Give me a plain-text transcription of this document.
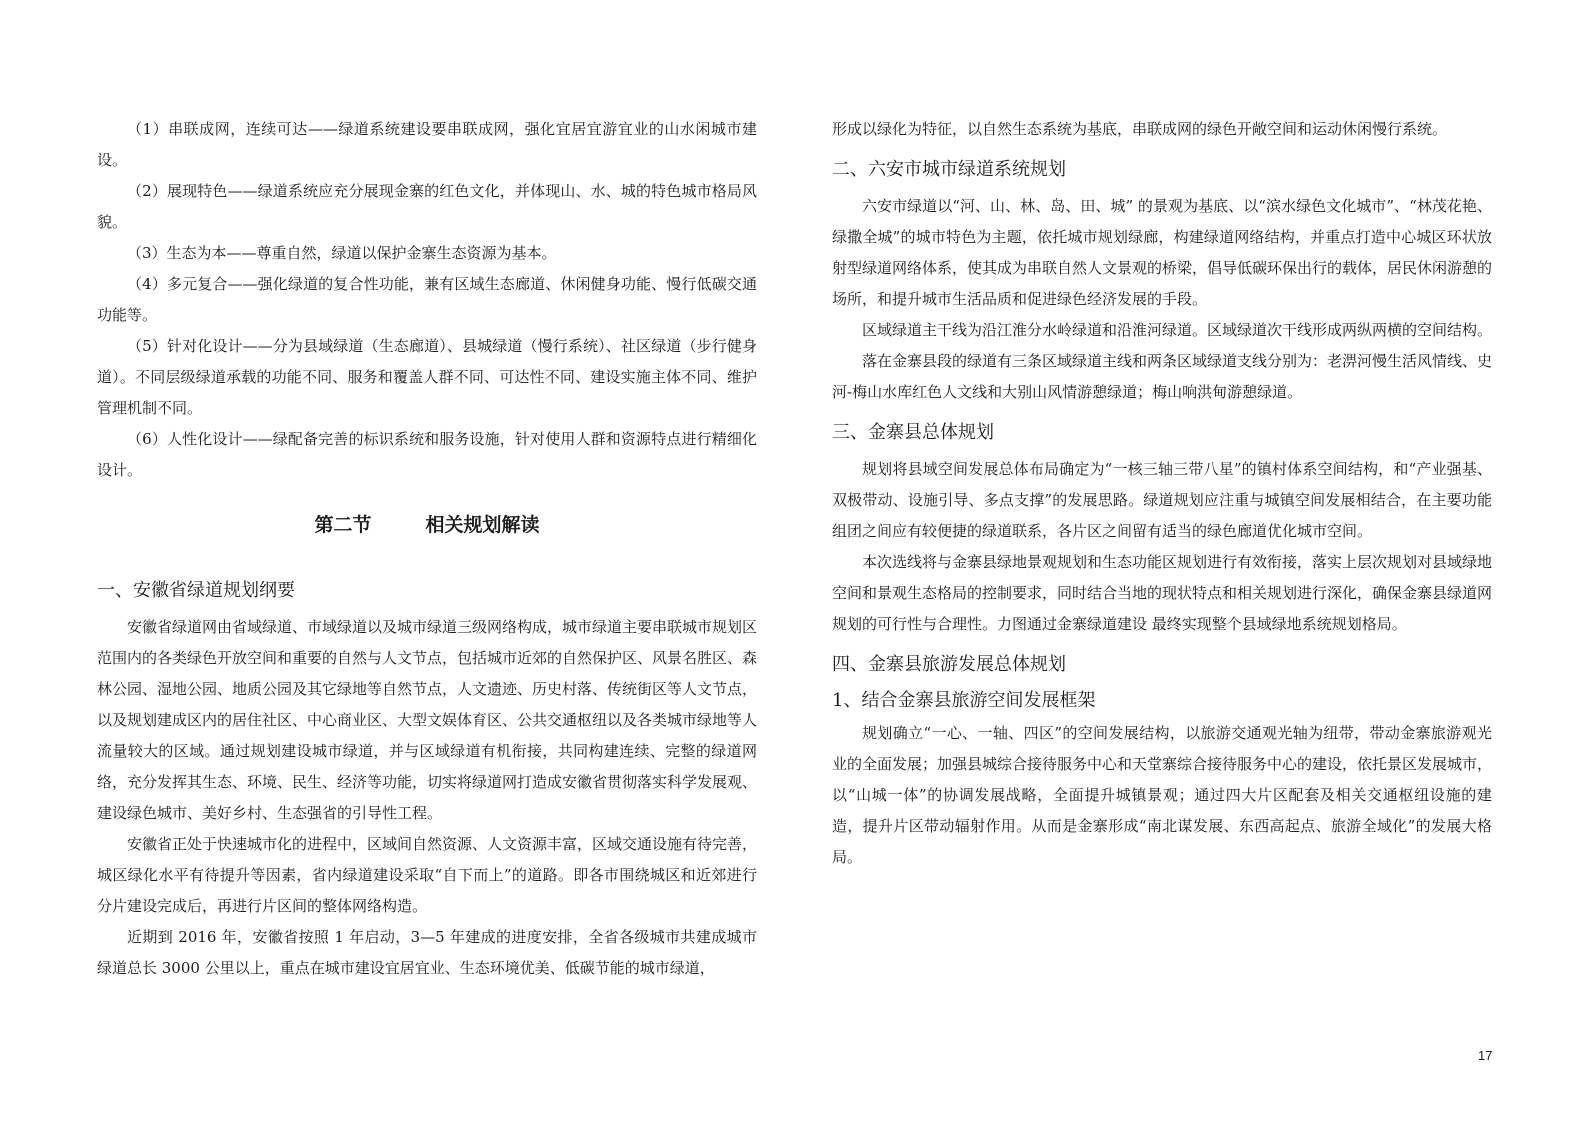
（1）串联成网，连续可达——绿道系统建设要串联成网，强化宜居宜游宜业的山水闲城市建设。

（2）展现特色——绿道系统应充分展现金寨的红色文化，并体现山、水、城的特色城市格局风貌。

（3）生态为本——尊重自然，绿道以保护金寨生态资源为基本。

（4）多元复合——强化绿道的复合性功能，兼有区域生态廊道、休闲健身功能、慢行低碳交通功能等。

（5）针对化设计——分为县域绿道（生态廊道）、县城绿道（慢行系统）、社区绿道（步行健身道）。不同层级绿道承载的功能不同、服务和覆盖人群不同、可达性不同、建设实施主体不同、维护管理机制不同。

（6）人性化设计——绿配备完善的标识系统和服务设施，针对使用人群和资源特点进行精细化设计。

第二节	相关规划解读
一、安徽省绿道规划纲要

安徽省绿道网由省域绿道、市域绿道以及城市绿道三级网络构成，城市绿道主要串联城市规划区范围内的各类绿色开放空间和重要的自然与人文节点，包括城市近郊的自然保护区、风景名胜区、森林公园、湿地公园、地质公园及其它绿地等自然节点，人文遗迹、历史村落、传统街区等人文节点，以及规划建成区内的居住社区、中心商业区、大型文娱体育区、公共交通枢纽以及各类城市绿地等人流量较大的区域。通过规划建设城市绿道，并与区域绿道有机衔接，共同构建连续、完整的绿道网络，充分发挥其生态、环境、民生、经济等功能，切实将绿道网打造成安徽省贯彻落实科学发展观、建设绿色城市、美好乡村、生态强省的引导性工程。

安徽省正处于快速城市化的进程中，区域间自然资源、人文资源丰富，区域交通设施有待完善，城区绿化水平有待提升等因素，省内绿道建设采取“自下而上”的道路。即各市围绕城区和近郊进行分片建设完成后，再进行片区间的整体网络构造。

近期到 2016 年，安徽省按照 1 年启动，3—5 年建成的进度安排，全省各级城市共建成城市绿道总长 3000 公里以上，重点在城市建设宜居宜业、生态环境优美、低碳节能的城市绿道，

形成以绿化为特征，以自然生态系统为基底，串联成网的绿色开敞空间和运动休闲慢行系统。

二、六安市城市绿道系统规划

六安市绿道以“河、山、林、岛、田、城” 的景观为基底、以“滨水绿色文化城市”、“林茂花艳、绿撒全城”的城市特色为主题，依托城市规划绿廊，构建绿道网络结构，并重点打造中心城区环状放射型绿道网络体系，使其成为串联自然人文景观的桥梁，倡导低碳环保出行的载体，居民休闲游憩的场所，和提升城市生活品质和促进绿色经济发展的手段。

区域绿道主干线为沿江淮分水岭绿道和沿淮河绿道。区域绿道次干线形成两纵两横的空间结构。

落在金寨县段的绿道有三条区域绿道主线和两条区域绿道支线分别为：老淠河慢生活风情线、史河-梅山水库红色人文线和大别山风情游憩绿道；梅山响洪甸游憩绿道。

三、金寨县总体规划

规划将县域空间发展总体布局确定为“一核三轴三带八星”的镇村体系空间结构，和“产业强基、双极带动、设施引导、多点支撑”的发展思路。绿道规划应注重与城镇空间发展相结合，在主要功能组团之间应有较便捷的绿道联系，各片区之间留有适当的绿色廊道优化城市空间。

本次选线将与金寨县绿地景观规划和生态功能区规划进行有效衔接，落实上层次规划对县域绿地空间和景观生态格局的控制要求，同时结合当地的现状特点和相关规划进行深化，确保金寨县绿道网规划的可行性与合理性。力图通过金寨绿道建设 最终实现整个县域绿地系统规划格局。

四、金寨县旅游发展总体规划
1、结合金寨县旅游空间发展框架

规划确立“一心、一轴、四区”的空间发展结构，以旅游交通观光轴为纽带，带动金寨旅游观光业的全面发展；加强县城综合接待服务中心和天堂寨综合接待服务中心的建设，依托景区发展城市，以“山城一体”的协调发展战略，全面提升城镇景观；通过四大片区配套及相关交通枢纽设施的建造，提升片区带动辐射作用。从而是金寨形成“南北谋发展、东西高起点、旅游全域化”的发展大格局。

17
